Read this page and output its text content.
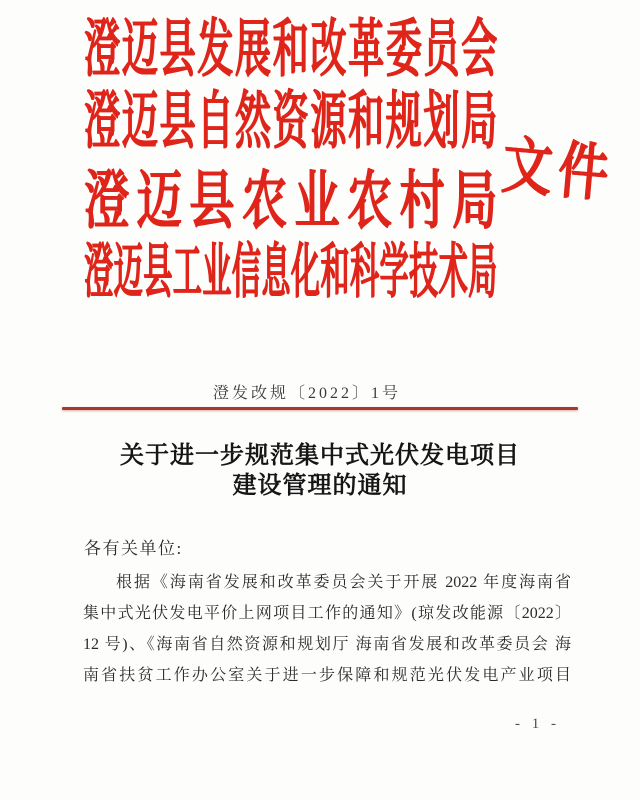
澄迈县发展和改革委员会
澄迈县自然资源和规划局
澄迈县农业农村局
澄迈县工业信息化和科学技术局
文件
澄发改规〔2022〕1号
关于进一步规范集中式光伏发电项目
建设管理的通知
各有关单位:
根据《海南省发展和改革委员会关于开展 2022 年度海南省
集中式光伏发电平价上网项目工作的通知》(琼发改能源〔2022〕
12 号)、《海南省自然资源和规划厅 海南省发展和改革委员会 海
南省扶贫工作办公室关于进一步保障和规范光伏发电产业项目
- 1 -
